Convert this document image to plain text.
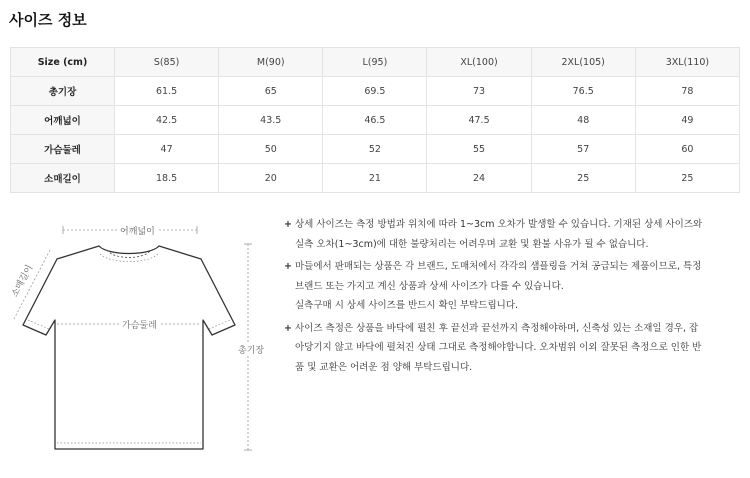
사이즈 정보
Size (cm)	S(85)	M(90)	L(95)	XL(100)	2XL(105)	3XL(110)
총기장	61.5	65	69.5	73	76.5	78
어깨넓이	42.5	43.5	46.5	47.5	48	49
가슴둘레	47	50	52	55	57	60
소매길이	18.5	20	21	24	25	25
어깨넓이
소매길이
가슴둘레
총기장
+ 상세 사이즈는 측정 방법과 위치에 따라 1~3cm 오차가 발생할 수 있습니다. 기재된 상세 사이즈와
실측 오차(1~3cm)에 대한 불량처리는 어려우며 교환 및 환불 사유가 될 수 없습니다.
+ 마들에서 판매되는 상품은 각 브랜드, 도매처에서 각각의 샘플링을 거쳐 공급되는 제품이므로, 특정
브랜드 또는 가지고 계신 상품과 상세 사이즈가 다를 수 있습니다.
실측구매 시 상세 사이즈를 반드시 확인 부탁드립니다.
+ 사이즈 측정은 상품을 바닥에 펼친 후 끝선과 끝선까지 측정해야하며, 신축성 있는 소재일 경우, 잡
아당기지 않고 바닥에 펼쳐진 상태 그대로 측정해야합니다. 오차범위 이외 잘못된 측정으로 인한 반
품 및 교환은 어려운 점 양해 부탁드립니다.
